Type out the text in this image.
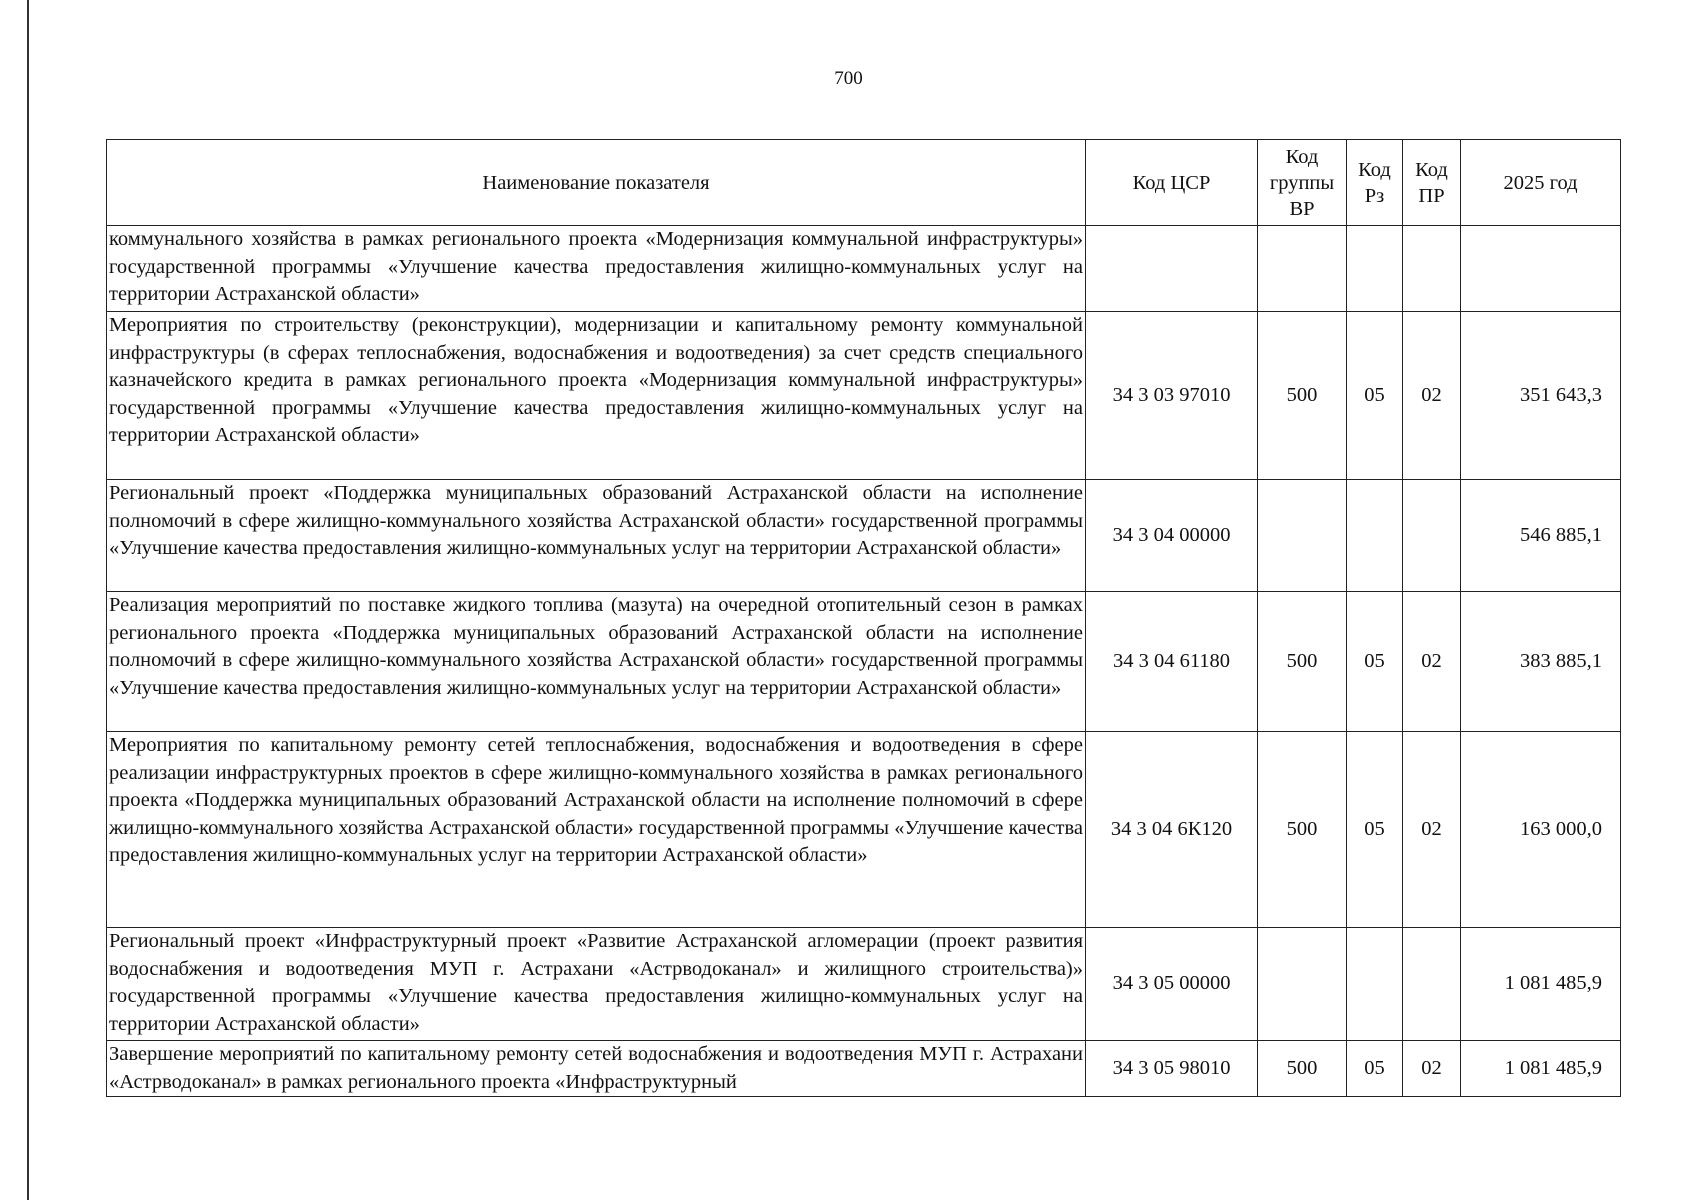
700
Наименование показателя	Код ЦСР	Код группы ВР	Код Рз	Код ПР	2025 год
коммунального хозяйства в рамках регионального проекта «Модернизация коммунальной инфраструктуры» государственной программы «Улучшение качества предоставления жилищно-коммунальных услуг на территории Астраханской области»					
Мероприятия по строительству (реконструкции), модернизации и капитальному ремонту коммунальной инфраструктуры (в сферах теплоснабжения, водоснабжения и водоотведения) за счет средств специального казначейского кредита в рамках регионального проекта «Модернизация коммунальной инфраструктуры» государственной программы «Улучшение качества предоставления жилищно-коммунальных услуг на территории Астраханской области»	34 3 03 97010	500	05	02	351 643,3
Региональный проект «Поддержка муниципальных образований Астраханской области на исполнение полномочий в сфере жилищно-коммунального хозяйства Астраханской области» государственной программы «Улучшение качества предоставления жилищно-коммунальных услуг на территории Астраханской области»	34 3 04 00000				546 885,1
Реализация мероприятий по поставке жидкого топлива (мазута) на очередной отопительный сезон в рамках регионального проекта «Поддержка муниципальных образований Астраханской области на исполнение полномочий в сфере жилищно-коммунального хозяйства Астраханской области» государственной программы «Улучшение качества предоставления жилищно-коммунальных услуг на территории Астраханской области»	34 3 04 61180	500	05	02	383 885,1
Мероприятия по капитальному ремонту сетей теплоснабжения, водоснабжения и водоотведения в сфере реализации инфраструктурных проектов в сфере жилищно-коммунального хозяйства в рамках регионального проекта «Поддержка муниципальных образований Астраханской области на исполнение полномочий в сфере жилищно-коммунального хозяйства Астраханской области» государственной программы «Улучшение качества предоставления жилищно-коммунальных услуг на территории Астраханской области»	34 3 04 6К120	500	05	02	163 000,0
Региональный проект «Инфраструктурный проект «Развитие Астраханской агломерации (проект развития водоснабжения и водоотведения МУП г. Астрахани «Астрводоканал» и жилищного строительства)» государственной программы «Улучшение качества предоставления жилищно-коммунальных услуг на территории Астраханской области»	34 3 05 00000				1 081 485,9
Завершение мероприятий по капитальному ремонту сетей водоснабжения и водоотведения МУП г. Астрахани «Астрводоканал» в рамках регионального проекта «Инфраструктурный	34 3 05 98010	500	05	02	1 081 485,9
